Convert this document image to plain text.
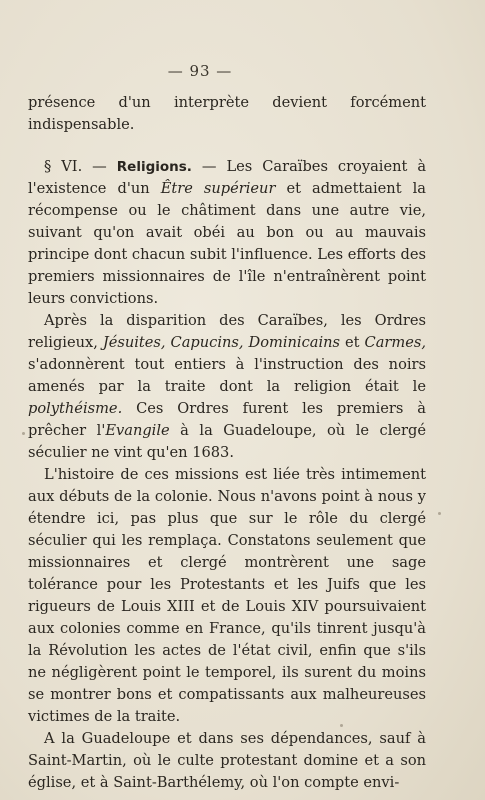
— 93 —

présence d'un interprète devient forcément indispensable.

§ VI. — Religions. — Les Caraïbes croyaient à l'existence d'un Être supérieur et admettaient la récompense ou le châtiment dans une autre vie, suivant qu'on avait obéi au bon ou au mauvais principe dont chacun subit l'influence. Les efforts des premiers missionnaires de l'île n'entraînèrent point leurs convictions.

Après la disparition des Caraïbes, les Ordres religieux, Jésuites, Capucins, Dominicains et Carmes, s'adonnèrent tout entiers à l'instruction des noirs amenés par la traite dont la religion était le polythéisme. Ces Ordres furent les premiers à prêcher l'Evangile à la Guadeloupe, où le clergé séculier ne vint qu'en 1683.

L'histoire de ces missions est liée très intimement aux débuts de la colonie. Nous n'avons point à nous y étendre ici, pas plus que sur le rôle du clergé séculier qui les remplaça. Constatons seulement que missionnaires et clergé montrèrent une sage tolérance pour les Protestants et les Juifs que les rigueurs de Louis XIII et de Louis XIV poursuivaient aux colonies comme en France, qu'ils tinrent jusqu'à la Révolution les actes de l'état civil, enfin que s'ils ne négligèrent point le temporel, ils surent du moins se montrer bons et compatissants aux malheureuses victimes de la traite.

A la Guadeloupe et dans ses dépendances, sauf à Saint-Martin, où le culte protestant domine et a son église, et à Saint-Barthélemy, où l'on compte envi-
